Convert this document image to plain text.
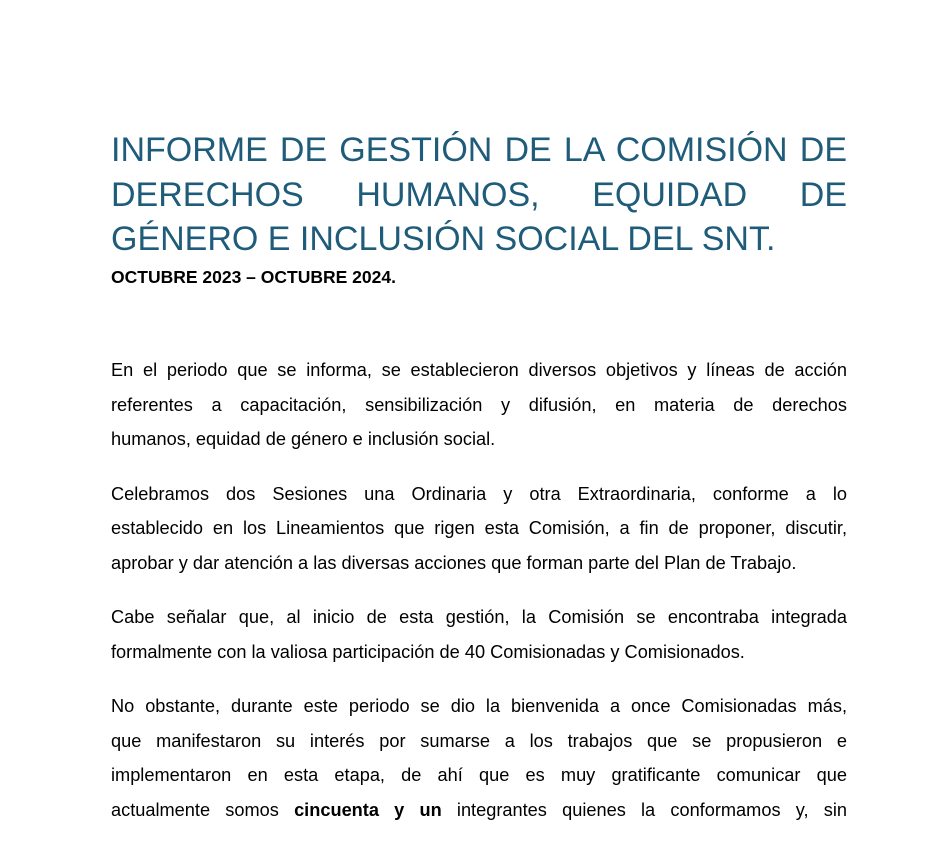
INFORME DE GESTIÓN DE LA COMISIÓN DE
DERECHOS HUMANOS, EQUIDAD DE
GÉNERO E INCLUSIÓN SOCIAL DEL SNT.

OCTUBRE 2023 – OCTUBRE 2024.

En el periodo que se informa, se establecieron diversos objetivos y líneas de acción
referentes a capacitación, sensibilización y difusión, en materia de derechos
humanos, equidad de género e inclusión social.

Celebramos dos Sesiones una Ordinaria y otra Extraordinaria, conforme a lo
establecido en los Lineamientos que rigen esta Comisión, a fin de proponer, discutir,
aprobar y dar atención a las diversas acciones que forman parte del Plan de Trabajo.

Cabe señalar que, al inicio de esta gestión, la Comisión se encontraba integrada
formalmente con la valiosa participación de 40 Comisionadas y Comisionados.

No obstante, durante este periodo se dio la bienvenida a once Comisionadas más,
que manifestaron su interés por sumarse a los trabajos que se propusieron e
implementaron en esta etapa, de ahí que es muy gratificante comunicar que
actualmente somos cincuenta y un integrantes quienes la conformamos y, sin
